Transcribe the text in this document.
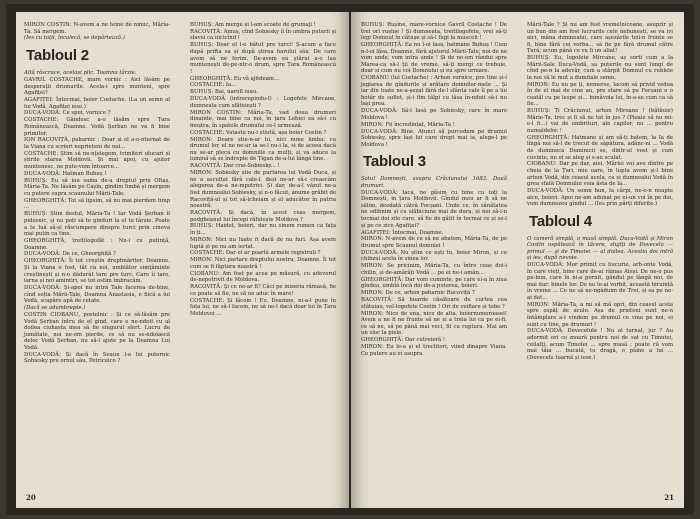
MIRON COSTIN: N-avem a ne teme de nimic, Măria-Ta. Să mergem.

(Ies cu toții, încalecă, se depărtează.)

Tabloul 2

Altă răscruce, același plic. Toamna târzie.

GAVRIL COSTACHE, mare vornic : Aici lăsăm pe desperații drumurile. Acela-i spre munteni, spre Agafiței?

AGAFIȚEI: Întocmai, boier Costache. (La un semn al lui Vodă, Agafiței iese.)

DUCA-VODĂ: Ce spui, vornice ?

COSTACHE: Gândesc a-o lăsăm spre Țara Românească, Doamne. Vodă Șerban ne va fi bine primitor.

ION RACOVIȚĂ, paharnic : Doar și el a-o-nturnat de la Viana cu scrieri neprieteni de noi...

COSTACHE: Știm să ne-nțelegem, trimiteri ulucari și știrile starea Moldovii. Și mai apoi, cu ajutor muntenesc, ne pute-vom întoarce...

DUCA-VODĂ: Hatman Buhuș !

BUHUȘ: Eu să iau sama de-a dreptul prin Oltaș, Măria-Ta. Ne lăsăm pe Cașin, gindim limbă și mergem cu putere supra scaunului Mării-Tale.

GHEORGHIȚĂ: Tot să lipsim, să nu mai pierdem timp ...

BUHUȘ: Știm destul, Măria-Ta ! Iar Vodă Șerban îi pidosnic, și nu poți să te ginduri la el tu târzie. Poate a te luă să-și răscumpere dinspre turci prin cineva mai puțin ca tine.

GHEORGHIȚĂ, treitilogofăt : Nu-i cu putință, Doamne.

DUCA-VODĂ: De ce, Gheorghiță ?

GHEORGHIȚĂ: Îi tot creștin dreptmăritor, Doamne. Și la Viana o fost, tăt ca noi, umblător simțăminte creștinești și n-o dădurăt tare pre turc. Care îi tare, iarna și noi amintiri, se tot ostim îmbracăm.

DUCA-VODĂ: Și-apoi nu intră Tale facerea de-bine, cînd soția Mării-Tale, Doamna Anastasia, e fiică a lui Vodă, scapăre apă de cetate.

(Dacă se adumbrepte.)

COSTIN CIOBANU, postelnic : Și ce să-lăsăm pre Vodă Șerban întru de el gind, care e ne-ndoit cu al doilea ciuhasta mea să fie singurul sfert. Lucru de jumătate, noi ne-om pierde, ce să nu se-ndoiască deloc Vodă Șerban, nu să-l ajute pe la Doamna Lui Vodă.

DUCA-VODĂ: Și dacă în Seaun l-a lui puternic Sobiesky pre ornul său, Petriceico ?

BUHUȘ: Am merge și l-am scoate de grumaji !

RACOVIȚĂ: Amuș, cînd Sobiesky îi în umbra puterii și slavei ca nicicînd !

BUHUȘ: Doar el l-o bătut pre turci! Ș-acum a face după prifta sa și după știrea harului său. De care avem să ne ferim. De-avem eu ștărui a-o lua muntenești de-pe-ntr-o drum, spre Țara Românească !

GHEORGHIȚĂ: Eu vă ajitdeam...

COSTACHE: Ia...

BUHUȘ: Bai, uaroll iuau.

DUCA-VODĂ (intrerupindu-l) : Logofete Mircane, dumneata cum sfătuiești ?

MIRON COSTIN: Măria-Ta, vad doua drumuri dinainte, mai bine ca noi, în țara Lehiei ea să-i cu moștra, în spatele drumului ce-l urmează.

COSTACHE: Vatastu nu-i știută, așa boier Costin ?

MIRON: Doare știe-n-ar hi, nici nune limba: cu drumul lor, el ne ne-ar ia se-l nu-i la, si de aceea dacă nu se-ar pleca cu domniile ca mulți, și va aduce la lumină să se îndrepte de Țigan de-a-lui lângă tine.

RACOVIȚĂ: Dar crai-Sobiesky... !

MIRON: Sobiesky știe de purtarea lui Vodă Duca, și ne a ascultat fără cale-l, deși ne-ar să-i creascăm alegerea de-a ne-mpotrivi. Și dar, de-a-l văzut ne-a fost dumnealui Sobiesky, și n-o făcut, anume grăbit de Racoviță-ul și tot să-lcheiam și el aducător în patria noastră.

RACOVIȚĂ: Și dacă, în acest ceas mergem, podgheanul lui începi răfuiește Moldova ?

BUHUȘ: Haidet, boieri, dar nu sinem rumen ca fața în ți...

MIRON: Nici nu luate fi dacă de nu furi. Așa avem luptă și pe nu am iertat.

COSTACHE: Dar ei ar poartă armele registruli ?

MIRON: Nici partare dreptului nostru, Doamne. Îi tot cum se fi făptura noastră !

CIOBANU: Am fost pe acea pe măsură, cu adeverul de-nepotrivit de Moldova.

RACOVIȚĂ: Și ce ne-ar fi? Căci pe mizeria rămasă, fie ce poate să fie, ne să ne aduc în mare!

COSTACHE: Și lăcom ! Eu, Doamne, ni-a-l pune în fața lui, ne să-l facem, ne să ne-l dacă doar lui în Țara Moldovei ...

20

BUHUȘ: Rușine, mare-vornice Gavril Costache ! De trei ori rușine ! Și dumneata, treitilogofete, vrei să-ți legi Domnul în cătușe și să-l fugi la musceli !

GHEORGHIȚĂ: Ea nu l-oi lasa, hatmane Buhuș ! Cum n-l-oi lăsa, Doamne, fără ajutorul Mării-Tale; noi de ne vom unde, vom intra unde ! Și de ne-om rândui spre Marea-ca să-l ții de vreme, să-ți mergi ce trebuie, doar si cum nu voi Domnului și eu spre urmare.

CIOBANU (lui Costache) : Arhon vornice, pre tine și-i jeglarea de gîndurile și arătare domnilor-mele ... Și iar din toate ne-a-șezat fără de-l sfânta cale îl pe a lui hotăr de suflet, și-i fim tălpi cu lăsa în-ndoit să-i nu lași prea.

DUCA-VODĂ: Să-l lasă pe Sobiesky, care în mare Moldova !

MIRON: Fii încredințat, Măria-Ta !

DUCA-VODĂ: Bine. Atunci să purcedem pe drumul Sobiesky, spre lași lui care drept mai ia, alege-l pe Moldova !

Tabloul 3

Satul Domnești, asupra Crăciunului 1683. Două drumuri.

DUCA-VODĂ: Iaca, ne găsim cu bine cu toți la Domnești, in țara Moldovii. Gîndul meu ar fi să ne sălim, deodată cătră Focșani. Unde ce, în sănătatea ne odihnim și cu slăbiciune mai de dura, și noi să-i-n tocmai doi zile care, să fie de gătit în tocmai ce și se-l și pe ce zice Agafiței?

AGAFIȚEI: Întocmai, Doamne.

MIRON: N-avem de ce să ne abatem, Măria-Ta, de pe drumul spre Scaunul domniei !

DUCA-VODĂ: Nu știm ce ești tu, boier Miron, și ce chibzui acela în sinea lor.

MIRON: Se pricinim, Măria-Ta, cu întro ceas doi-i chilin, și de-amărăți Vodă ... pe ei ne-i amân...

GHEORGHIȚĂ: Dar vom cuminte, pe care ei-a în ziua gîndea, umblă încă doi de-a puterea, boieri.

MIRON: De ce, arhon paharnic Racoviță ?

RACOVIȚĂ: Să hoarde căsătoare de curtea cea stâtuiau, vel-logofete Costin ! Ori de ceifiare și tobe ?

MIRON: Nice de una, nice de alta, boiernumeroasei! Avem a ne fi ne frunte să ne și a treia lui ca pe ei-fi, ce să ne, să pe până mai veci, fii cu ruptura. Mai am un sloc la piele.

GHEORGHIȚĂ: Dar cutreieră !

MIRON: Eu le-a și el treclitori, viind dinapre Viana. Ce putere au ei asupra

Mării-Tale ? Și nu am fost vremelnicoane, asuprir și un bun din am fost lucrurile cele nebunești, se va ivi aici, mâna dumnealui, care așezările teii-n frunte se fi, bine fără cei vorba... să fie pe fără drumul către Țară; acum până ce va fi un aliat!

BUHUȘ: Eu, logofete Mircane, aș sorti cum a la Mării-Sale Duca-Vodă, sa puterile nu sunt lungi de cînd pe-n la adevăr, cum a stârpit Domnul cu rublele la noi să le mut a dumitale semn.

MIRON: Eu nu pe ți, nemerse, lacom să privid vedea în de el mai de cine au, pre stare să pe Focșani e o ceatăl cu pe lespe și... bunăvoia lui, în-a-se cum ca să fie...

BUHUȘ: Ți Crăciunul, arhon Miroane ! (bătăuie) Mărie-Ta, trec și fi să ne tot în jos ? (Ploaie să nu mi-e-l fi...) vai de umbrituri, ale capilor, nu ... pentru numaideloc !

GHEORGHIȚĂ: Hatmane și am să-ți batem, la Ia de lîngă noi să-l de trecut de săpătura, adânc-ni ... Vodă de dumineca Duminicii se, dintr-al vost și cum cuvinte, nu ei se aleg și s-au sculat.

CIOBANU: Dar pe dar, aiei, Măriei voi ave dintre pe cheia de la Țari, mie oare, în lupta avem și-l bine arhon Vodă, din ceasul acela, ca si dumnealui Vodă în grea sfată Domnului voia ăsta de la...

DUCA-VODĂ: Un somn bun, la cârpi, ne-o-n noapte aice, boieri. Apoi ne-am adunat pe ei-un voi în pe doi, vom dumnezeu gîndul ... (Ies prin părți diferite.)

Tabloul 4

O cameră simplă, o masă simplă. Duca-Vodă și Miron Costin ospătează în tăcere, slujiți de Dovecela — primul — și de Timotei — al doilea. Acestia doi intră și ies, după nevoie.

DUCA-VODĂ: Mor primit cu bucurie, arh-onte Vodă, în care vieți, bine care de-ai rămas Aleși. De ne-o pus pe-bun, care în ni-a pornit, gândul pe lângă noi, de mai dar: binele lor. De nu le-ai vorbit, această biruință în vreme ... Ce ne să ne-ngăduim de Trei, și sa pe ne-ai dat...

MIRON: Măria-Ta, a mi să mă opri, din ceasul acela spre ospăț de acolo. Așa de prieteni sunt ne-n întâmplare a-l vindem pe drumul ce vine pe noi, ei sunt cu tine, pe drumuri !

DUCA-VODĂ: Dovecelule ! Nu ai turnat, jur ? Au adormit ori ce moară pentru noi de sat cu Timotei, ceilalți, acum Timotei ... spre masă ; poate că vom mai tăia ... bucată, tu dragă, o pâine a lui ... (Dovecelu toarnă și iese.)

21
